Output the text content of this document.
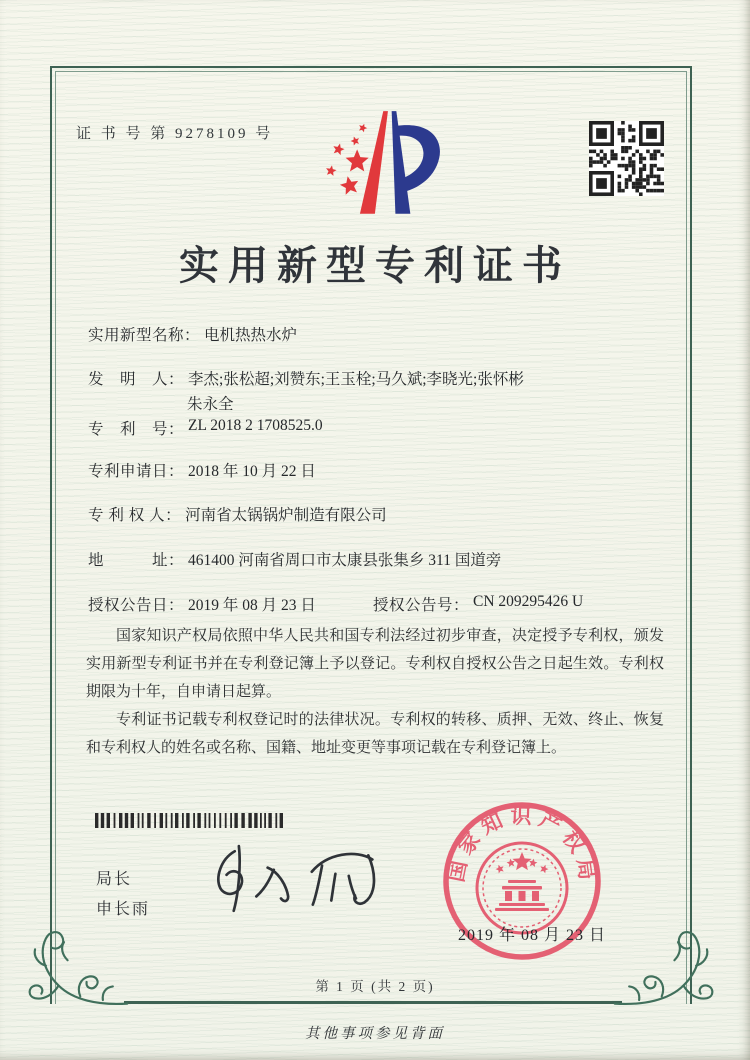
证 书 号 第 9278109 号
实用新型专利证书
实用新型名称： 电机热热水炉
发　明　人： 李杰;张松超;刘赞东;王玉栓;马久斌;李晓光;张怀彬
朱永全
专　利　号： ZL 2018 2 1708525.0
专利申请日： 2018 年 10 月 22 日
专 利 权 人： 河南省太锅锅炉制造有限公司
地　　　址： 461400 河南省周口市太康县张集乡 311 国道旁
授权公告日： 2019 年 08 月 23 日	授权公告号： CN 209295426 U

国家知识产权局依照中华人民共和国专利法经过初步审查，决定授予专利权，颁发实用新型专利证书并在专利登记簿上予以登记。专利权自授权公告之日起生效。专利权期限为十年，自申请日起算。

专利证书记载专利权登记时的法律状况。专利权的转移、质押、无效、终止、恢复和专利权人的姓名或名称、国籍、地址变更等事项记载在专利登记簿上。

局长
申长雨
国家知识产权局
2019 年 08 月 23 日
第 1 页 (共 2 页)
其他事项参见背面
